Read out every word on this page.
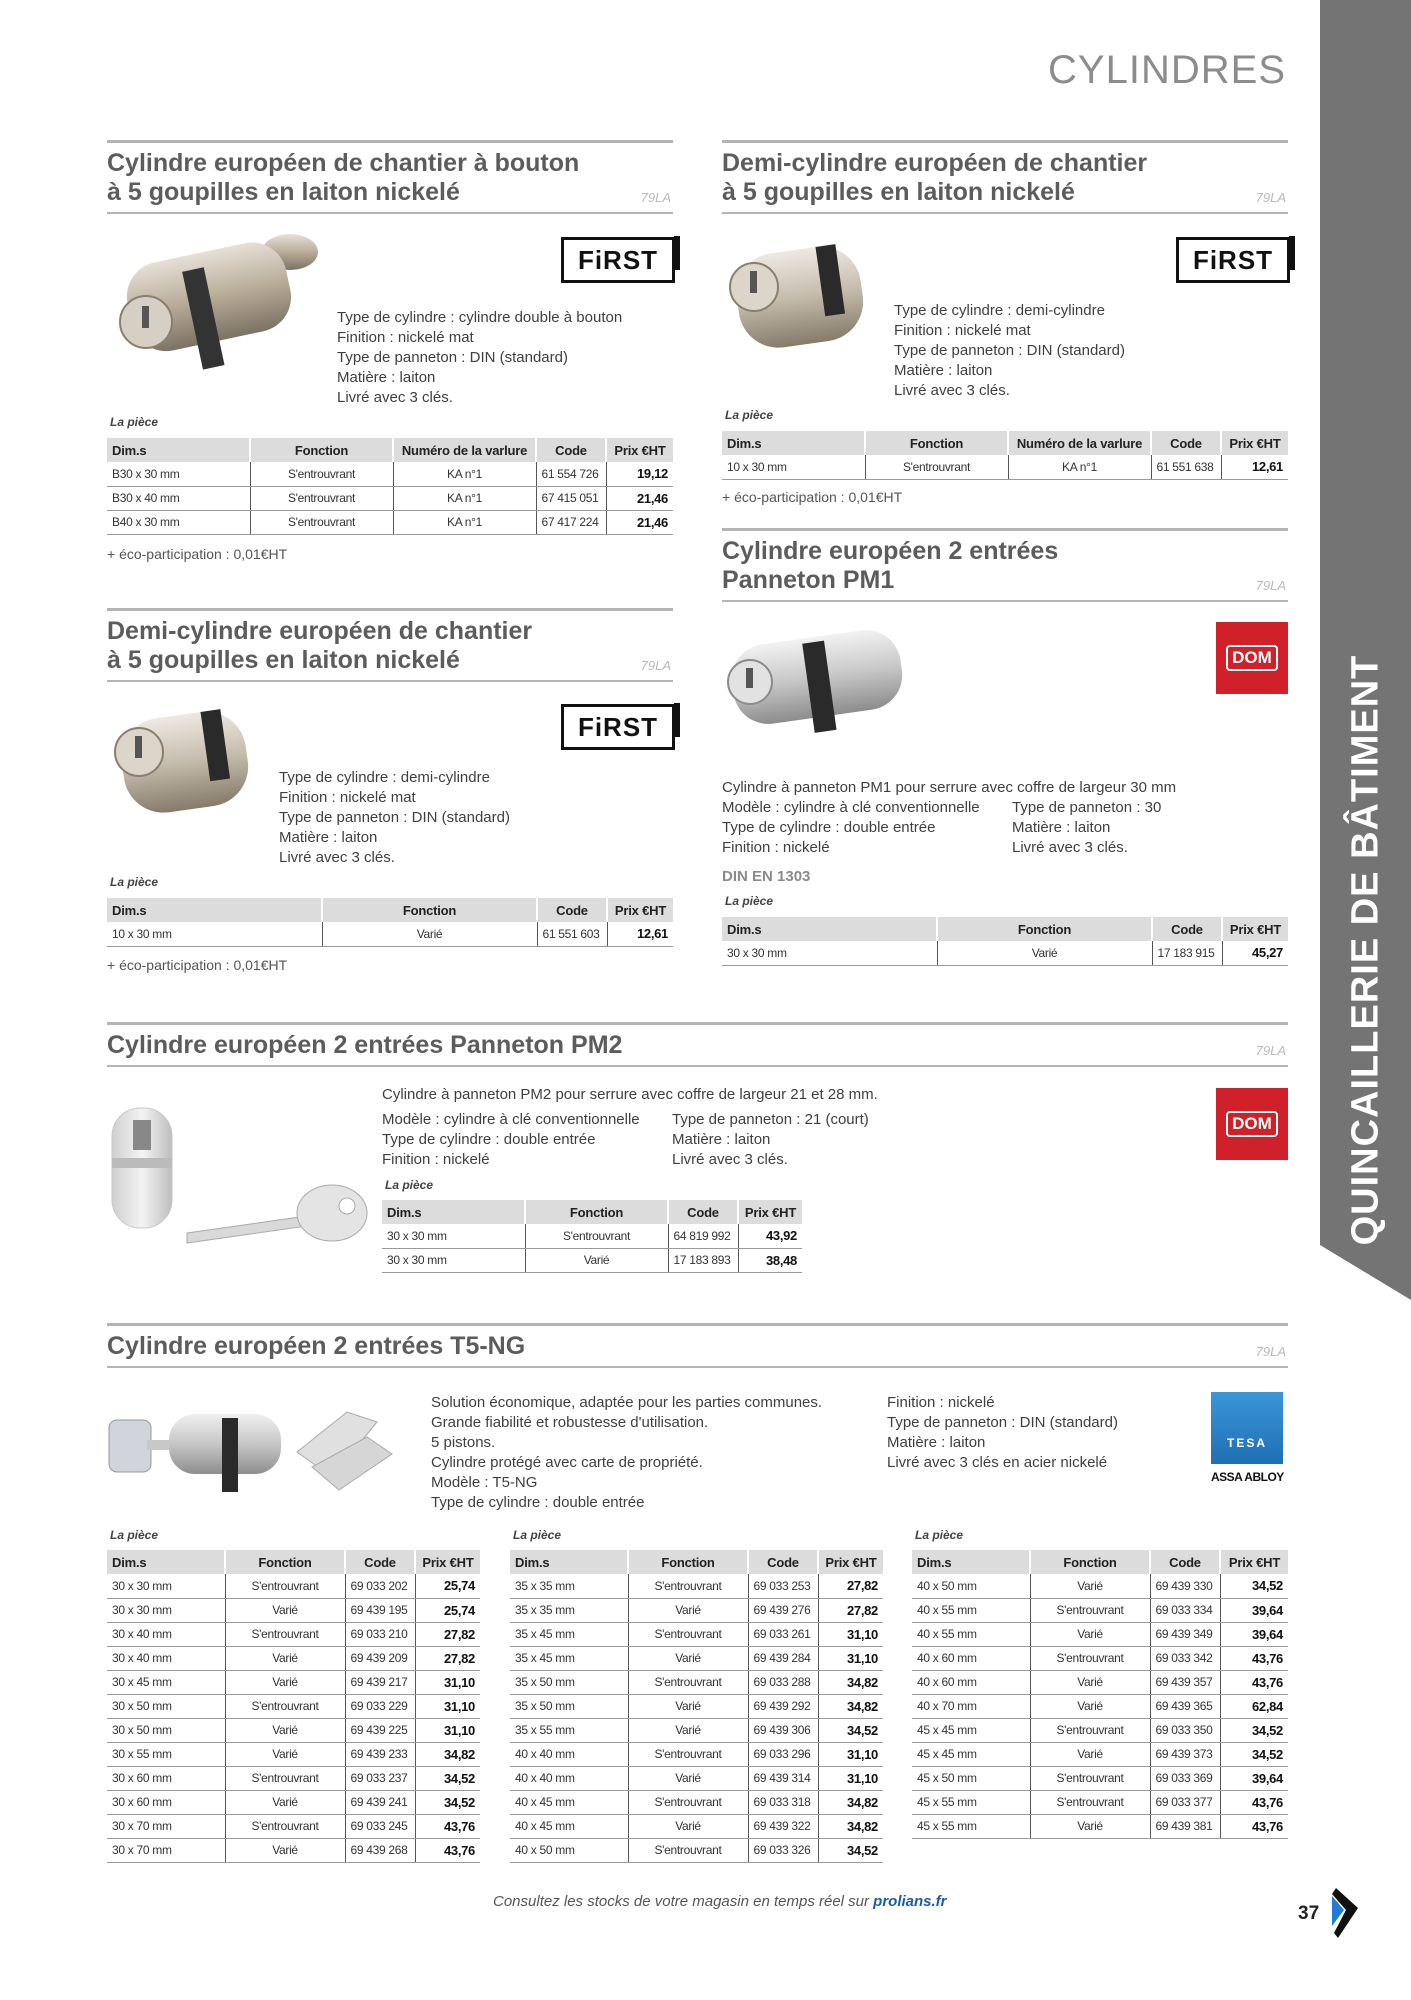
CYLINDRES
QUINCAILLERIE DE BÂTIMENT
Cylindre européen de chantier à bouton
à 5 goupilles en laiton nickelé	79LA
FiRST
Type de cylindre : cylindre double à bouton
Finition : nickelé mat
Type de panneton : DIN (standard)
Matière : laiton
Livré avec 3 clés.
La pièce
Dim.s	Fonction	Numéro de la varlure	Code	Prix €HT
B30 x 30 mm	S'entrouvrant	KA n°1	61 554 726	19,12
B30 x 40 mm	S'entrouvrant	KA n°1	67 415 051	21,46
B40 x 30 mm	S'entrouvrant	KA n°1	67 417 224	21,46
+ éco-participation : 0,01€HT
Demi-cylindre européen de chantier
à 5 goupilles en laiton nickelé	79LA
FiRST
Type de cylindre : demi-cylindre
Finition : nickelé mat
Type de panneton : DIN (standard)
Matière : laiton
Livré avec 3 clés.
La pièce
Dim.s	Fonction	Numéro de la varlure	Code	Prix €HT
10 x 30 mm	S'entrouvrant	KA n°1	61 551 638	12,61
+ éco-participation : 0,01€HT
Demi-cylindre européen de chantier
à 5 goupilles en laiton nickelé	79LA
FiRST
Type de cylindre : demi-cylindre
Finition : nickelé mat
Type de panneton : DIN (standard)
Matière : laiton
Livré avec 3 clés.
La pièce
Dim.s	Fonction	Code	Prix €HT
10 x 30 mm	Varié	61 551 603	12,61
+ éco-participation : 0,01€HT
Cylindre européen 2 entrées
Panneton PM1	79LA
DOM
Cylindre à panneton PM1 pour serrure avec coffre de largeur 30 mm
Modèle : cylindre à clé conventionnelle
Type de cylindre : double entrée
Finition : nickelé
Type de panneton : 30
Matière : laiton
Livré avec 3 clés.
DIN EN 1303
La pièce
Dim.s	Fonction	Code	Prix €HT
30 x 30 mm	Varié	17 183 915	45,27
Cylindre européen 2 entrées Panneton PM2	79LA
DOM
Cylindre à panneton PM2 pour serrure avec coffre de largeur 21 et 28 mm.
Modèle : cylindre à clé conventionnelle
Type de cylindre : double entrée
Finition : nickelé
Type de panneton : 21 (court)
Matière : laiton
Livré avec 3 clés.
La pièce
Dim.s	Fonction	Code	Prix €HT
30 x 30 mm	S'entrouvrant	64 819 992	43,92
30 x 30 mm	Varié	17 183 893	38,48
Cylindre européen 2 entrées T5-NG	79LA
Solution économique, adaptée pour les parties communes.
Grande fiabilité et robustesse d'utilisation.
5 pistons.
Cylindre protégé avec carte de propriété.
Modèle : T5-NG
Type de cylindre : double entrée
Finition : nickelé
Type de panneton : DIN (standard)
Matière : laiton
Livré avec 3 clés en acier nickelé
TESA
ASSA ABLOY
La pièce	La pièce	La pièce
Dim.s	Fonction	Code	Prix €HT
30 x 30 mm	S'entrouvrant	69 033 202	25,74
30 x 30 mm	Varié	69 439 195	25,74
30 x 40 mm	S'entrouvrant	69 033 210	27,82
30 x 40 mm	Varié	69 439 209	27,82
30 x 45 mm	Varié	69 439 217	31,10
30 x 50 mm	S'entrouvrant	69 033 229	31,10
30 x 50 mm	Varié	69 439 225	31,10
30 x 55 mm	Varié	69 439 233	34,82
30 x 60 mm	S'entrouvrant	69 033 237	34,52
30 x 60 mm	Varié	69 439 241	34,52
30 x 70 mm	S'entrouvrant	69 033 245	43,76
30 x 70 mm	Varié	69 439 268	43,76
Dim.s	Fonction	Code	Prix €HT
35 x 35 mm	S'entrouvrant	69 033 253	27,82
35 x 35 mm	Varié	69 439 276	27,82
35 x 45 mm	S'entrouvrant	69 033 261	31,10
35 x 45 mm	Varié	69 439 284	31,10
35 x 50 mm	S'entrouvrant	69 033 288	34,82
35 x 50 mm	Varié	69 439 292	34,82
35 x 55 mm	Varié	69 439 306	34,52
40 x 40 mm	S'entrouvrant	69 033 296	31,10
40 x 40 mm	Varié	69 439 314	31,10
40 x 45 mm	S'entrouvrant	69 033 318	34,82
40 x 45 mm	Varié	69 439 322	34,82
40 x 50 mm	S'entrouvrant	69 033 326	34,52
Dim.s	Fonction	Code	Prix €HT
40 x 50 mm	Varié	69 439 330	34,52
40 x 55 mm	S'entrouvrant	69 033 334	39,64
40 x 55 mm	Varié	69 439 349	39,64
40 x 60 mm	S'entrouvrant	69 033 342	43,76
40 x 60 mm	Varié	69 439 357	43,76
40 x 70 mm	Varié	69 439 365	62,84
45 x 45 mm	S'entrouvrant	69 033 350	34,52
45 x 45 mm	Varié	69 439 373	34,52
45 x 50 mm	S'entrouvrant	69 033 369	39,64
45 x 55 mm	S'entrouvrant	69 033 377	43,76
45 x 55 mm	Varié	69 439 381	43,76
Consultez les stocks de votre magasin en temps réel sur prolians.fr
37
